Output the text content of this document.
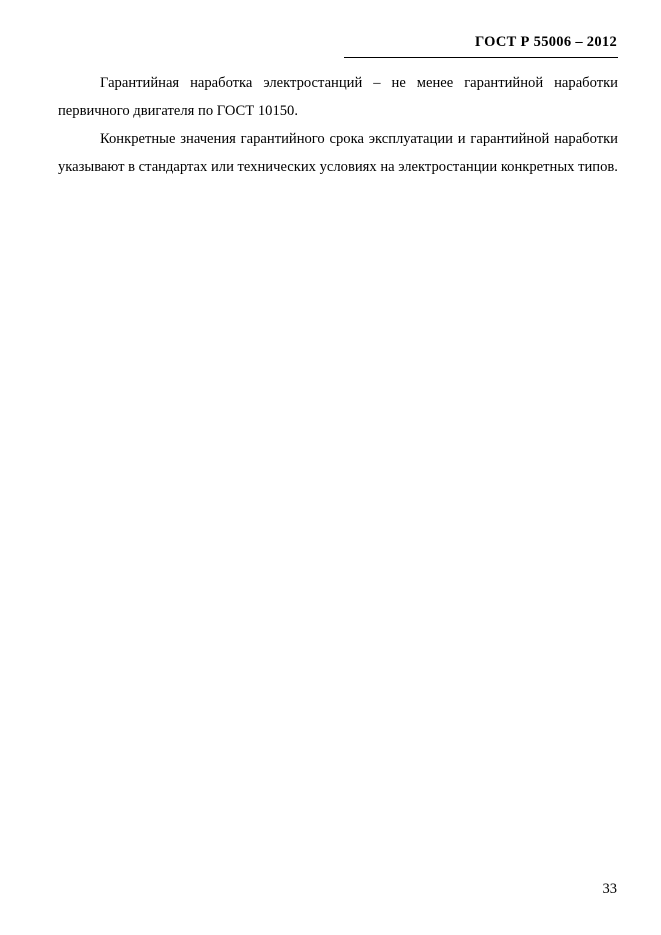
ГОСТ Р 55006 – 2012

Гарантийная наработка электростанций – не менее гарантийной наработки первичного двигателя по ГОСТ 10150.

Конкретные значения гарантийного срока эксплуатации и гарантийной наработки указывают в стандартах или технических условиях на электростанции конкретных типов.

33
